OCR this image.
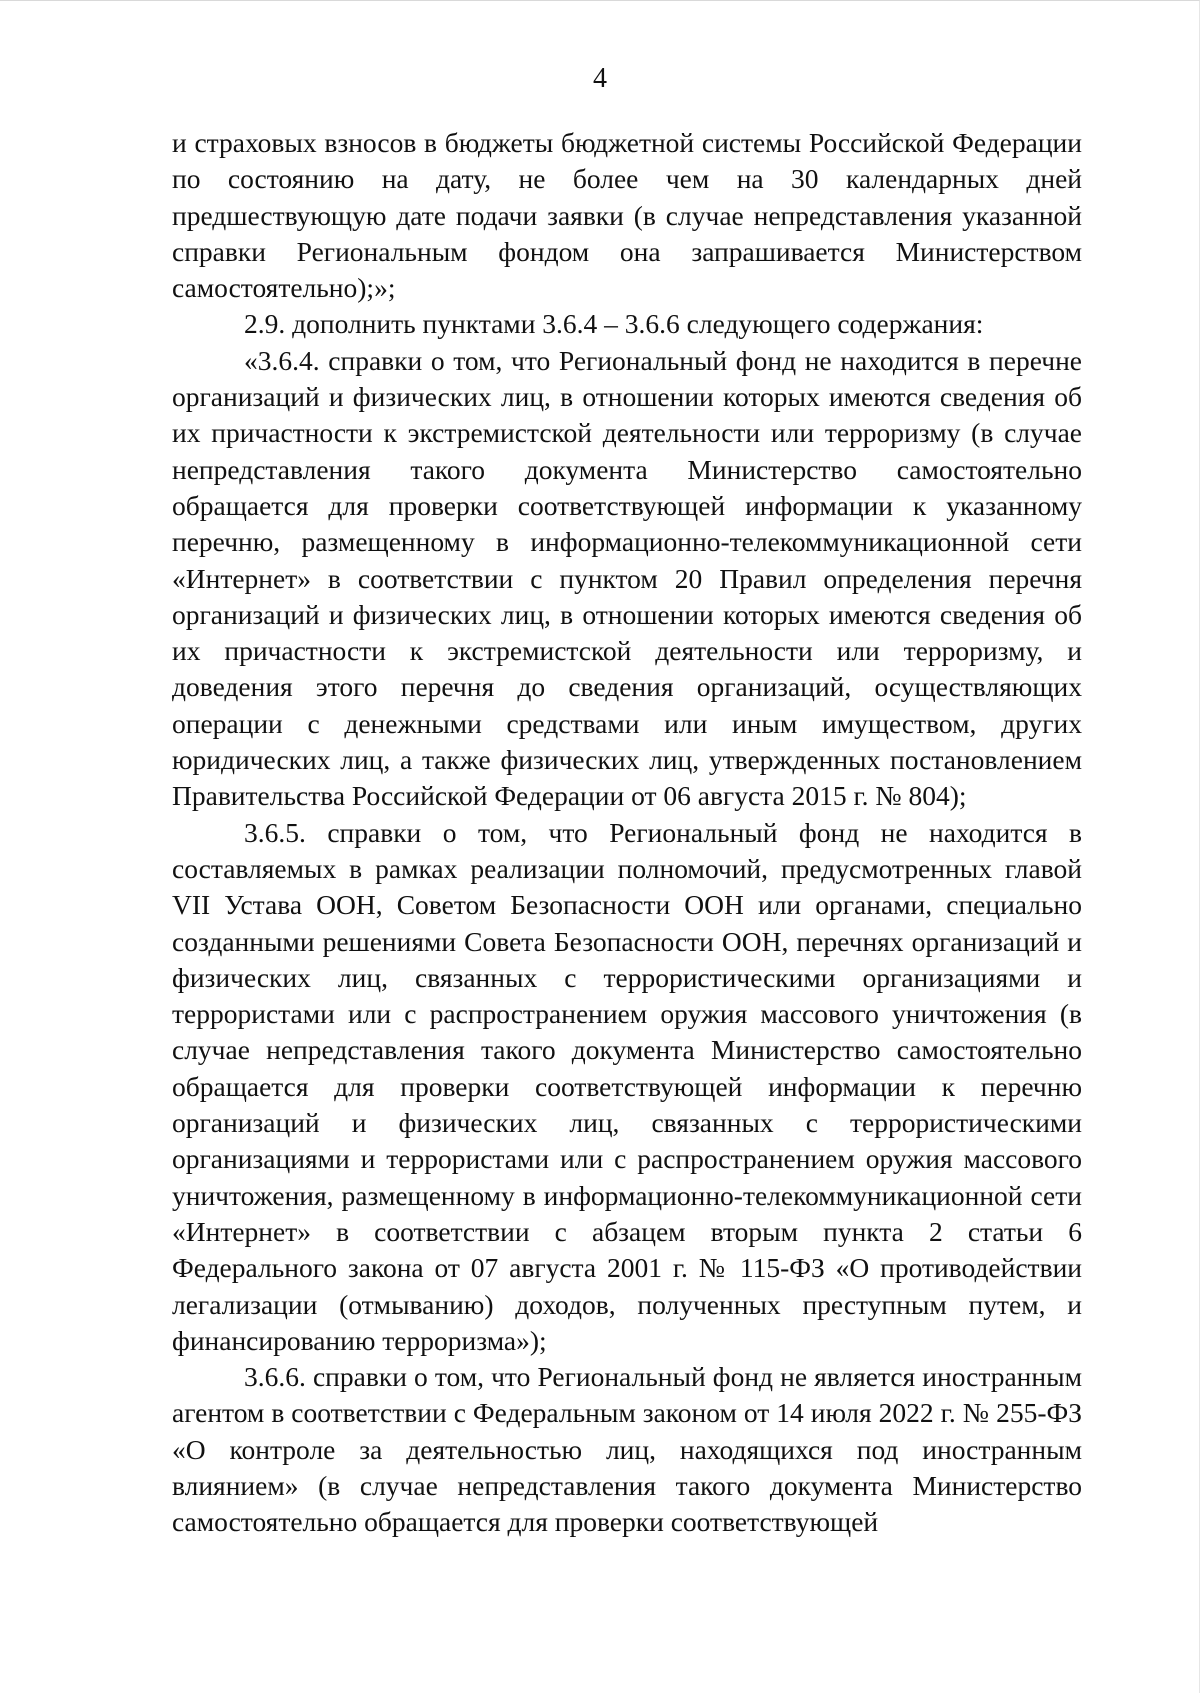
4

и страховых взносов в бюджеты бюджетной системы Российской Федерации по состоянию на дату, не более чем на 30 календарных дней предшествующую дате подачи заявки (в случае непредставления указанной справки Региональным фондом она запрашивается Министерством самостоятельно);»;

2.9. дополнить пунктами 3.6.4 – 3.6.6 следующего содержания:

«3.6.4. справки о том, что Региональный фонд не находится в перечне организаций и физических лиц, в отношении которых имеются сведения об их причастности к экстремистской деятельности или терроризму (в случае непредставления такого документа Министерство самостоятельно обращается для проверки соответствующей информации к указанному перечню, размещенному в информационно-телекоммуникационной сети «Интернет» в соответствии с пунктом 20 Правил определения перечня организаций и физических лиц, в отношении которых имеются сведения об их причастности к экстремистской деятельности или терроризму, и доведения этого перечня до сведения организаций, осуществляющих операции с денежными средствами или иным имуществом, других юридических лиц, а также физических лиц, утвержденных постановлением Правительства Российской Федерации от 06 августа 2015 г. № 804);

3.6.5. справки о том, что Региональный фонд не находится в составляемых в рамках реализации полномочий, предусмотренных главой VII Устава ООН, Советом Безопасности ООН или органами, специально созданными решениями Совета Безопасности ООН, перечнях организаций и физических лиц, связанных с террористическими организациями и террористами или с распространением оружия массового уничтожения (в случае непредставления такого документа Министерство самостоятельно обращается для проверки соответствующей информации к перечню организаций и физических лиц, связанных с террористическими организациями и террористами или с распространением оружия массового уничтожения, размещенному в информационно-телекоммуникационной сети «Интернет» в соответствии с абзацем вторым пункта 2 статьи 6 Федерального закона от 07 августа 2001 г. № 115-ФЗ «О противодействии легализации (отмыванию) доходов, полученных преступным путем, и финансированию терроризма»);

3.6.6. справки о том, что Региональный фонд не является иностранным агентом в соответствии с Федеральным законом от 14 июля 2022 г. № 255-ФЗ «О контроле за деятельностью лиц, находящихся под иностранным влиянием» (в случае непредставления такого документа Министерство самостоятельно обращается для проверки соответствующей
